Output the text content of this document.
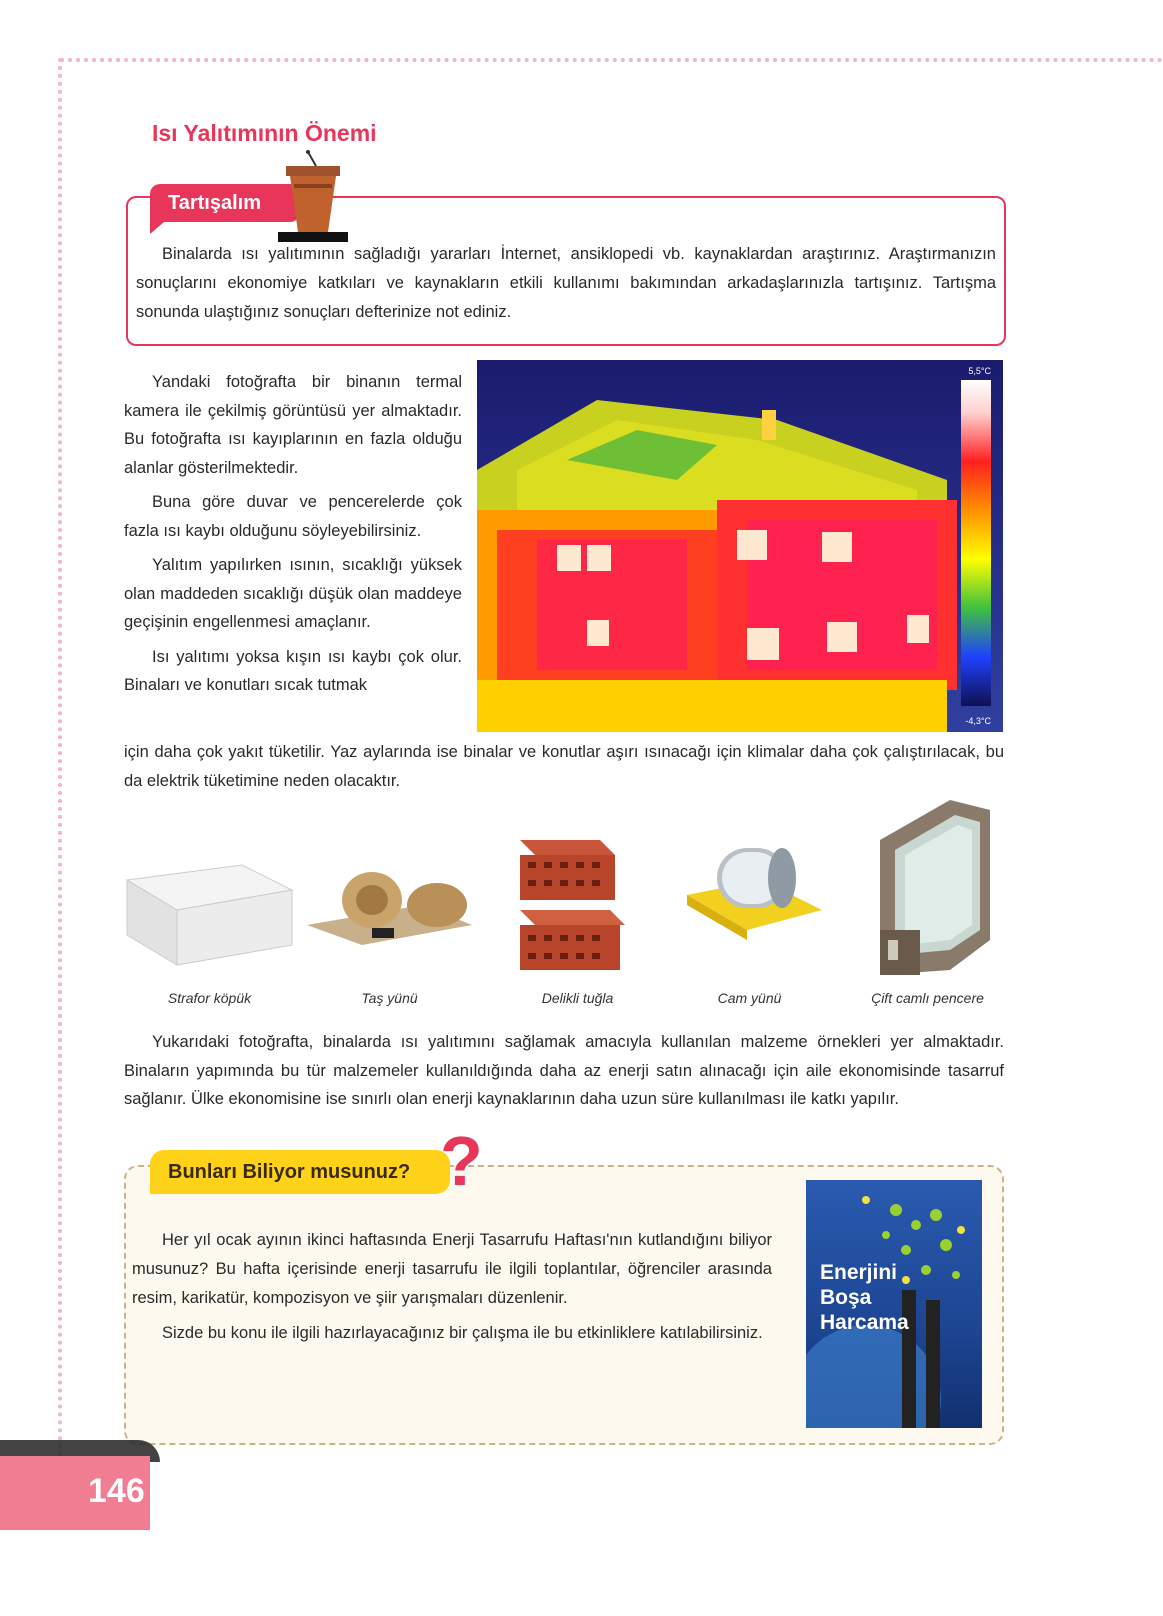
Isı Yalıtımının Önemi
Tartışalım

Binalarda ısı yalıtımının sağladığı yararları İnternet, ansiklopedi vb. kaynaklardan araştırınız. Araştırmanızın sonuçlarını ekonomiye katkıları ve kaynakların etkili kullanımı bakımından arkadaşlarınızla tartışınız. Tartışma sonunda ulaştığınız sonuçları defterinize not ediniz.

Yandaki fotoğrafta bir binanın termal kamera ile çekilmiş görüntüsü yer almaktadır. Bu fotoğrafta ısı kayıplarının en fazla olduğu alanlar gösterilmektedir.

Buna göre duvar ve pencerelerde çok fazla ısı kaybı olduğunu söyleyebilirsiniz.

Yalıtım yapılırken ısının, sıcaklığı yüksek olan maddeden sıcaklığı düşük olan maddeye geçişinin engellenmesi amaçlanır.

Isı yalıtımı yoksa kışın ısı kaybı çok olur. Binaları ve konutları sıcak tutmak

için daha çok yakıt tüketilir. Yaz aylarında ise binalar ve konutlar aşırı ısınacağı için klimalar daha çok çalıştırılacak, bu da elektrik tüketimine neden olacaktır.

5,5°C
-4,3°C
Strafor köpük	Taş yünü	Delikli tuğla	Cam yünü	Çift camlı pencere

Yukarıdaki fotoğrafta, binalarda ısı yalıtımını sağlamak amacıyla kullanılan malzeme örnekleri yer almaktadır. Binaların yapımında bu tür malzemeler kullanıldığında daha az enerji satın alınacağı için aile ekonomisinde tasarruf sağlanır. Ülke ekonomisine ise sınırlı olan enerji kaynaklarının daha uzun süre kullanılması ile katkı yapılır.

Bunları Biliyor musunuz? ?

Her yıl ocak ayının ikinci haftasında Enerji Tasarrufu Haftası'nın kutlandığını biliyor musunuz? Bu hafta içerisinde enerji tasarrufu ile ilgili toplantılar, öğrenciler arasında resim, karikatür, kompozisyon ve şiir yarışmaları düzenlenir.

Sizde bu konu ile ilgili hazırlayacağınız bir çalışma ile bu etkinliklere katılabilirsiniz.

Enerjini
Boşa
Harcama
146
